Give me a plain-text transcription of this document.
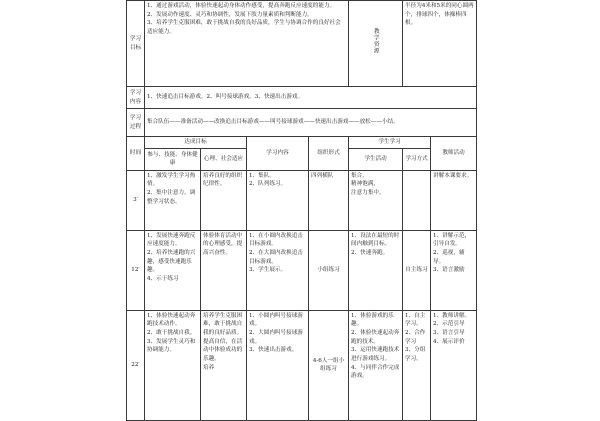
学习目标	1、通过游戏活动，体验快速起动身体动作感受，提高奔跑反应速度的能力。
2、发展动作速度、灵巧和协调性，发展下肢力量素质和判断能力。
3、培养学生克服困难，敢于挑战自我的良好品质，学生与协调合作的良好社会适应能力。				教学资源	半径为4米和5米的同心圆两个，排球四个，体操棒四根。	
学习内容	1、快速追击目标游戏。2、叫号接球游戏。3、快速出击游戏。						
学习过程	集合队伍——准备活动——改换追击目标游戏——叫号接球游戏——快速出击游戏——放松——小结。						
时间	达成目标		学习内容	组织形式	学生学习		教师活动
	参与、技能、身体健康	心理、社会适应			学生活动	学习方式	
3′	1、激发学生学习热情。
2、集中注意力，调整学习状态。	培养良好的组织纪律性。	1、集队。
2、队列练习。	四列横队	集合，
精神饱满，
注意力集中。		讲解本课要求。

12′	1、发展快速奔跑反应速度能力。
2、培养快速跑的兴趣，感受快速跑乐趣。
4、示于练习	体验体育活动中的心理感受，提高兴奋性。	1、在小圆内改换追击目标游戏。
2、在大圆内改换追击目标游戏。
3、学生展示。	小组练习	1、设法在最短的时间内触到目标。
2、快速奔跑。	自主练习	1、讲解示范，引导自发。
2、巡视，辅导。
3、语言激励

22′	1、体验快速起动奔跑技术动作。
2、敢于挑战自我。
3、发展学生灵巧和协调能力。	培养学生克服困难，敢于挑战自我的良好品质。
提高自信，在活动中体验成功的乐趣。
培养	1、小圆内叫号接球游戏。
2、大圆内叫号接球游戏。
3、快速出击游戏。	4-6人一组小组练习	1、体验游戏的乐趣。
2、体验快速起动奔跑的技术。
3、运用快速跑技术进行游戏练习。
4、与同伴合作完成游戏。	1、自主学习。
2、合作学习
3、分组学习。	1、教师讲解。
2、示范引导
3、语言引导
4、展示评价
